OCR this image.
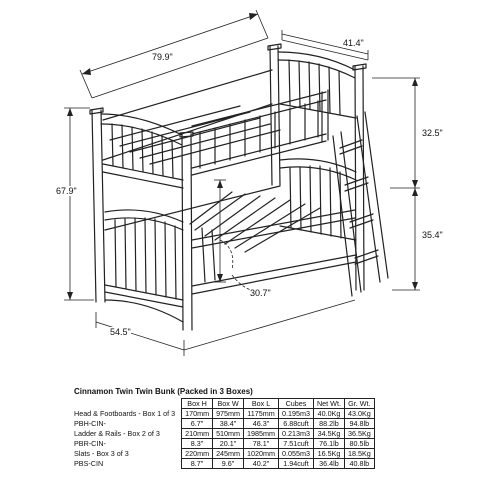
79.9"
41.4"
67.9"
32.5"
35.4"
30.7"
54.5"
Cinnamon Twin Twin Bunk (Packed in 3 Boxes)
	Box H	Box W	Box L	Cubes	Net Wt.	Gr. Wt.
Head & Footboards - Box 1 of 3	170mm	975mm	1175mm	0.195m3	40.0Kg	43.0Kg
PBH-CIN-	6.7"	38.4"	46.3"	6.88cuft	88.2lb	94.8lb
Ladder & Rails - Box 2 of 3	210mm	510mm	1985mm	0.213m3	34.5Kg	36.5Kg
PBR-CIN-	8.3"	20.1"	78.1"	7.51cuft	76.1lb	80.5lb
Slats - Box 3 of 3	220mm	245mm	1020mm	0.055m3	16.5Kg	18.5Kg
PBS-CIN	8.7"	9.6"	40.2"	1.94cuft	36.4lb	40.8lb
